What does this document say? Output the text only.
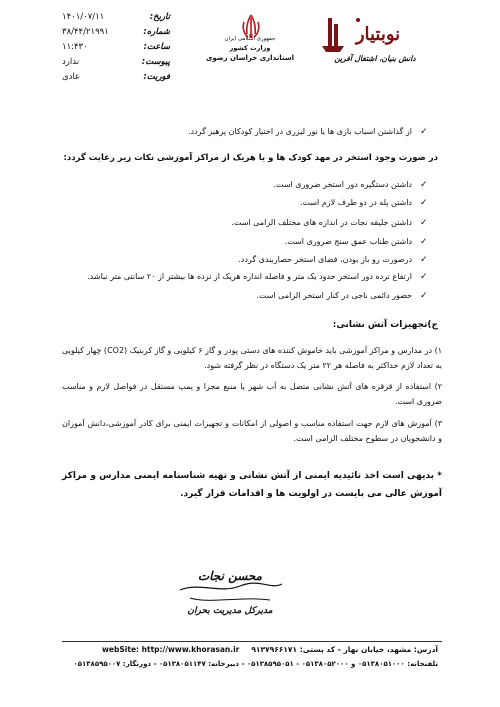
تاریخ:
۱۴۰۱/۰۷/۱۱
شماره:
۳۸/۴۴/۲۱۹۹۱
ساعت:
۱۱:۴۳۰
پیوست:
ندارد
فوریت:
عادی
جمهوری اسلامی ایران
وزارت کشور
استانداری خراسان رضوی
نوبتیار
دانش بنیان، اشتغال آفرین
✓
از گذاشتن اسباب بازی ها یا نور لیزری در اختیار کودکان پرهیز گردد.
در صورت وجود استخر در مهد کودک ها و یا هریک از مراکز آموزشی نکات زیر رعایت گردد:
✓
داشتن دستگیره دور استخر ضروری است.
✓
داشتن پله در دو طرف لازم است.
✓
داشتن جلیقه نجات در اندازه های مختلف الزامی است.
✓
داشتن طناب عمق سنج ضروری است.
✓
درصورت رو باز بودن، فضای استخر حصاربندی گردد.
✓
ارتفاع نرده دور استخر حدود یک متر و فاصله اندازه هریک از نرده ها بیشتر از ۲۰ سانتی متر نباشد.
✓
حضور دائمی ناجی در کنار استخر الزامی است.
ج)تجهیزات آتش نشانی:
۱) در مدارس و مراکز آموزشی باید خاموش کننده های دستی پودر و گاز ۶ کیلویی و گاز کربنیک (CO2) چهار کیلویی به تعداد لازم حداکثر به فاصله هر ۲۲ متر یک دستگاه در نظر گرفته شود.
۲) استفاده از قرقره های آتش نشانی متصل به آب شهر یا منبع مجزا و پمپ مستقل در فواصل لازم و مناسب ضروری است.
۳) آموزش های لازم جهت استفاده مناسب و اصولی از امکانات و تجهیزات ایمنی برای کادر آموزشی،دانش آموزان و دانشجویان در سطوح مختلف الزامی است.
* بدیهی است اخذ تائیدیه ایمنی از آتش نشانی و تهیه شناسنامه ایمنی مدارس و مراکز آموزش عالی می بایست در اولویت ها و اقدامات قرار گیرد.
محسن نجات
مدیرکل مدیریت بحران
webSite: http://www.khorasan.ir آدرس: مشهد، خیابان بهار - کد پستی: ۹۱۳۷۹۶۶۱۷۱
تلفنخانه: ۰۵۱۳۸۰۵۱۰۰۰ و ۰۵۱۳۸۰۵۲۰۰۰ - ۰۵۱۳۸۵۹۵۰۵۱ - دبیرخانه: ۰۵۱۳۸۰۵۱۱۴۷ - دورنگار: ۰۵۱۳۸۵۹۵۰۰۷
